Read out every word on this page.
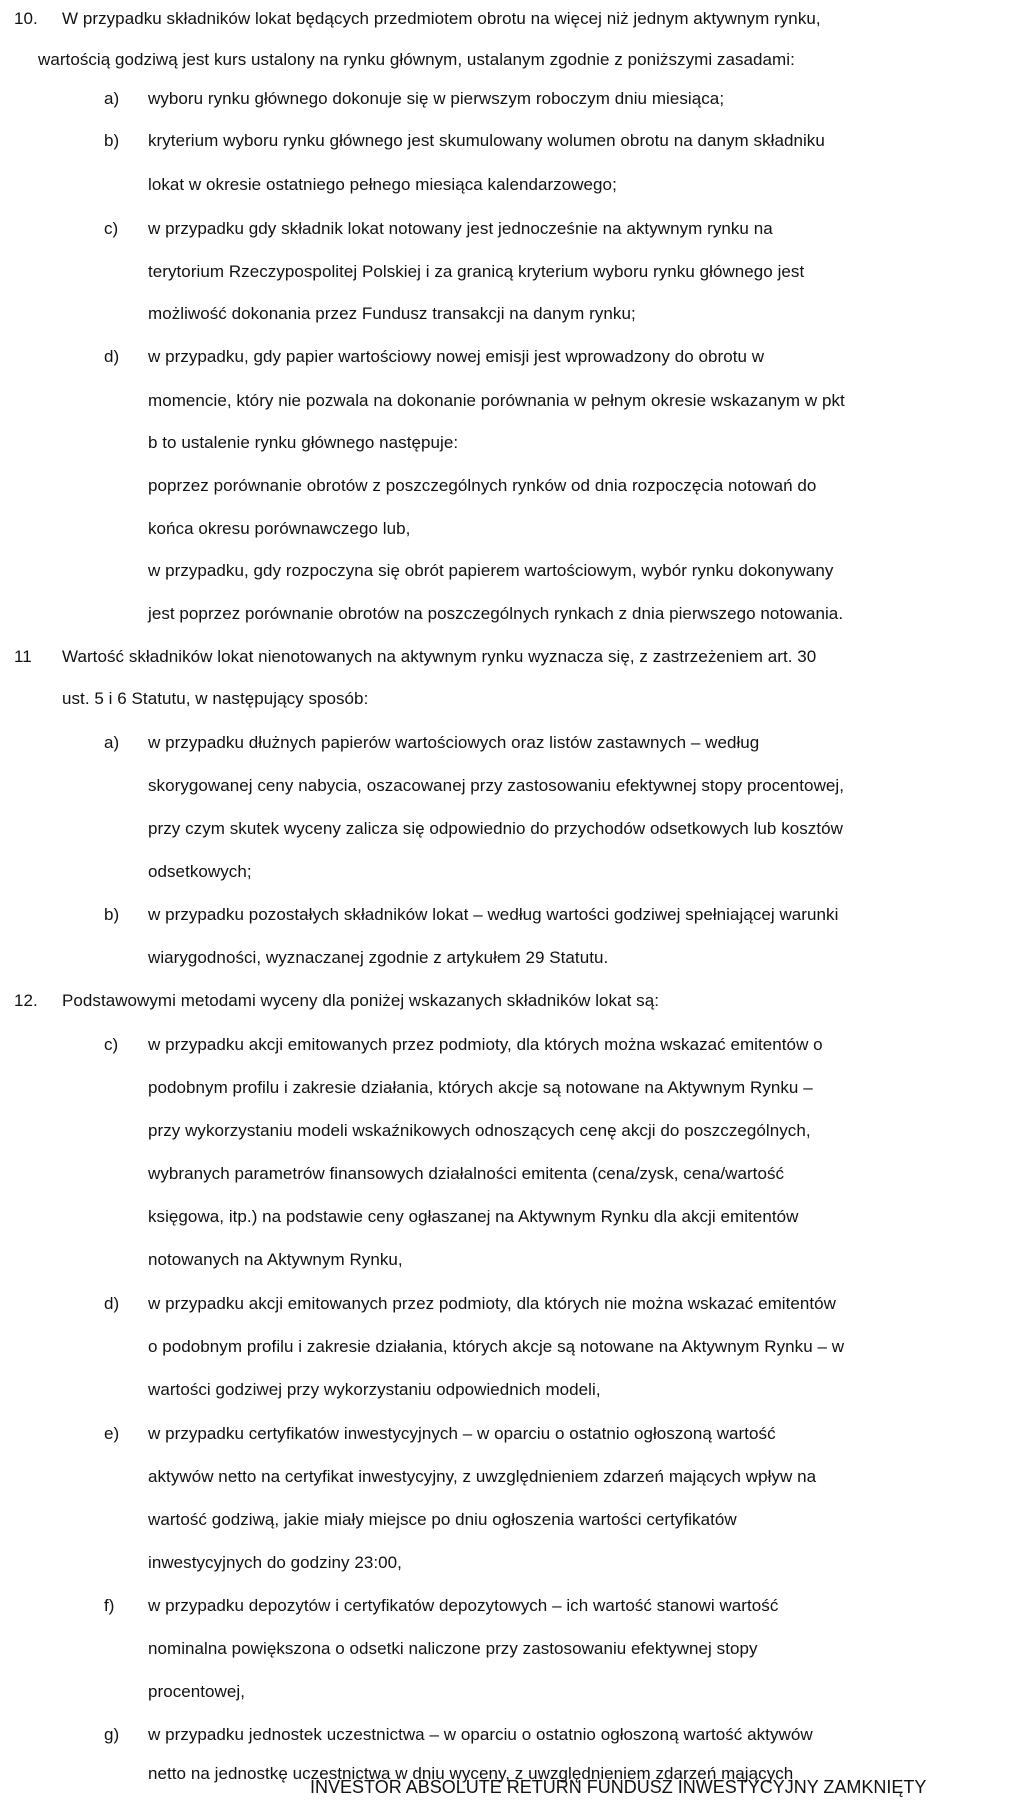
10. W przypadku składników lokat będących przedmiotem obrotu na więcej niż jednym aktywnym rynku,
wartością godziwą jest kurs ustalony na rynku głównym, ustalanym zgodnie z poniższymi zasadami:
a) wyboru rynku głównego dokonuje się w pierwszym roboczym dniu miesiąca;
b) kryterium wyboru rynku głównego jest skumulowany wolumen obrotu na danym składniku
lokat w okresie ostatniego pełnego miesiąca kalendarzowego;
c) w przypadku gdy składnik lokat notowany jest jednocześnie na aktywnym rynku na
terytorium Rzeczypospolitej Polskiej i za granicą kryterium wyboru rynku głównego jest
możliwość dokonania przez Fundusz transakcji na danym rynku;
d) w przypadku, gdy papier wartościowy nowej emisji jest wprowadzony do obrotu w
momencie, który nie pozwala na dokonanie porównania w pełnym okresie wskazanym w pkt
b to ustalenie rynku głównego następuje:
poprzez porównanie obrotów z poszczególnych rynków od dnia rozpoczęcia notowań do
końca okresu porównawczego lub,
w przypadku, gdy rozpoczyna się obrót papierem wartościowym, wybór rynku dokonywany
jest poprzez porównanie obrotów na poszczególnych rynkach z dnia pierwszego notowania.
11 Wartość składników lokat nienotowanych na aktywnym rynku wyznacza się, z zastrzeżeniem art. 30
ust. 5 i 6 Statutu, w następujący sposób:
a) w przypadku dłużnych papierów wartościowych oraz listów zastawnych – według
skorygowanej ceny nabycia, oszacowanej przy zastosowaniu efektywnej stopy procentowej,
przy czym skutek wyceny zalicza się odpowiednio do przychodów odsetkowych lub kosztów
odsetkowych;
b) w przypadku pozostałych składników lokat – według wartości godziwej spełniającej warunki
wiarygodności, wyznaczanej zgodnie z artykułem 29 Statutu.
12. Podstawowymi metodami wyceny dla poniżej wskazanych składników lokat są:
c) w przypadku akcji emitowanych przez podmioty, dla których można wskazać emitentów o
podobnym profilu i zakresie działania, których akcje są notowane na Aktywnym Rynku –
przy wykorzystaniu modeli wskaźnikowych odnoszących cenę akcji do poszczególnych,
wybranych parametrów finansowych działalności emitenta (cena/zysk, cena/wartość
księgowa, itp.) na podstawie ceny ogłaszanej na Aktywnym Rynku dla akcji emitentów
notowanych na Aktywnym Rynku,
d) w przypadku akcji emitowanych przez podmioty, dla których nie można wskazać emitentów
o podobnym profilu i zakresie działania, których akcje są notowane na Aktywnym Rynku – w
wartości godziwej przy wykorzystaniu odpowiednich modeli,
e) w przypadku certyfikatów inwestycyjnych – w oparciu o ostatnio ogłoszoną wartość
aktywów netto na certyfikat inwestycyjny, z uwzględnieniem zdarzeń mających wpływ na
wartość godziwą, jakie miały miejsce po dniu ogłoszenia wartości certyfikatów
inwestycyjnych do godziny 23:00,
f) w przypadku depozytów i certyfikatów depozytowych – ich wartość stanowi wartość
nominalna powiększona o odsetki naliczone przy zastosowaniu efektywnej stopy
procentowej,
g) w przypadku jednostek uczestnictwa – w oparciu o ostatnio ogłoszoną wartość aktywów
netto na jednostkę uczestnictwa w dniu wyceny, z uwzględnieniem zdarzeń mających
INVESTOR ABSOLUTE RETURN FUNDUSZ INWESTYCYJNY ZAMKNIĘTY
